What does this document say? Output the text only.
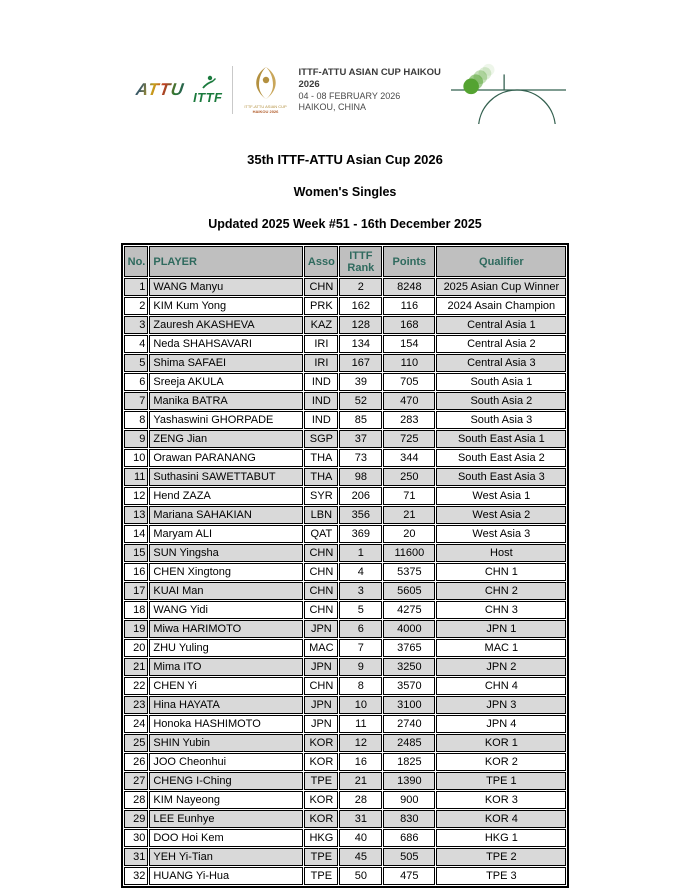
ATTU ITTF
ITTF-ATTU ASIAN CUP
HAIKOU 2026
ITTF-ATTU ASIAN CUP HAIKOU 2026
04 - 08 FEBRUARY 2026
HAIKOU, CHINA
35th ITTF-ATTU Asian Cup 2026
Women's Singles
Updated 2025 Week #51 - 16th December 2025
No.	PLAYER	Asso	ITTF Rank	Points	Qualifier
1	WANG Manyu	CHN	2	8248	2025 Asian Cup Winner
2	KIM Kum Yong	PRK	162	116	2024 Asain Champion
3	Zauresh AKASHEVA	KAZ	128	168	Central Asia 1
4	Neda SHAHSAVARI	IRI	134	154	Central Asia 2
5	Shima SAFAEI	IRI	167	110	Central Asia 3
6	Sreeja AKULA	IND	39	705	South Asia 1
7	Manika BATRA	IND	52	470	South Asia 2
8	Yashaswini GHORPADE	IND	85	283	South Asia 3
9	ZENG Jian	SGP	37	725	South East Asia 1
10	Orawan PARANANG	THA	73	344	South East Asia 2
11	Suthasini SAWETTABUT	THA	98	250	South East Asia 3
12	Hend ZAZA	SYR	206	71	West Asia 1
13	Mariana SAHAKIAN	LBN	356	21	West Asia 2
14	Maryam ALI	QAT	369	20	West Asia 3
15	SUN Yingsha	CHN	1	11600	Host
16	CHEN Xingtong	CHN	4	5375	CHN 1
17	KUAI Man	CHN	3	5605	CHN 2
18	WANG Yidi	CHN	5	4275	CHN 3
19	Miwa HARIMOTO	JPN	6	4000	JPN 1
20	ZHU Yuling	MAC	7	3765	MAC 1
21	Mima ITO	JPN	9	3250	JPN 2
22	CHEN Yi	CHN	8	3570	CHN 4
23	Hina HAYATA	JPN	10	3100	JPN 3
24	Honoka HASHIMOTO	JPN	11	2740	JPN 4
25	SHIN Yubin	KOR	12	2485	KOR 1
26	JOO Cheonhui	KOR	16	1825	KOR 2
27	CHENG I-Ching	TPE	21	1390	TPE 1
28	KIM Nayeong	KOR	28	900	KOR 3
29	LEE Eunhye	KOR	31	830	KOR 4
30	DOO Hoi Kem	HKG	40	686	HKG 1
31	YEH Yi-Tian	TPE	45	505	TPE 2
32	HUANG Yi-Hua	TPE	50	475	TPE 3
